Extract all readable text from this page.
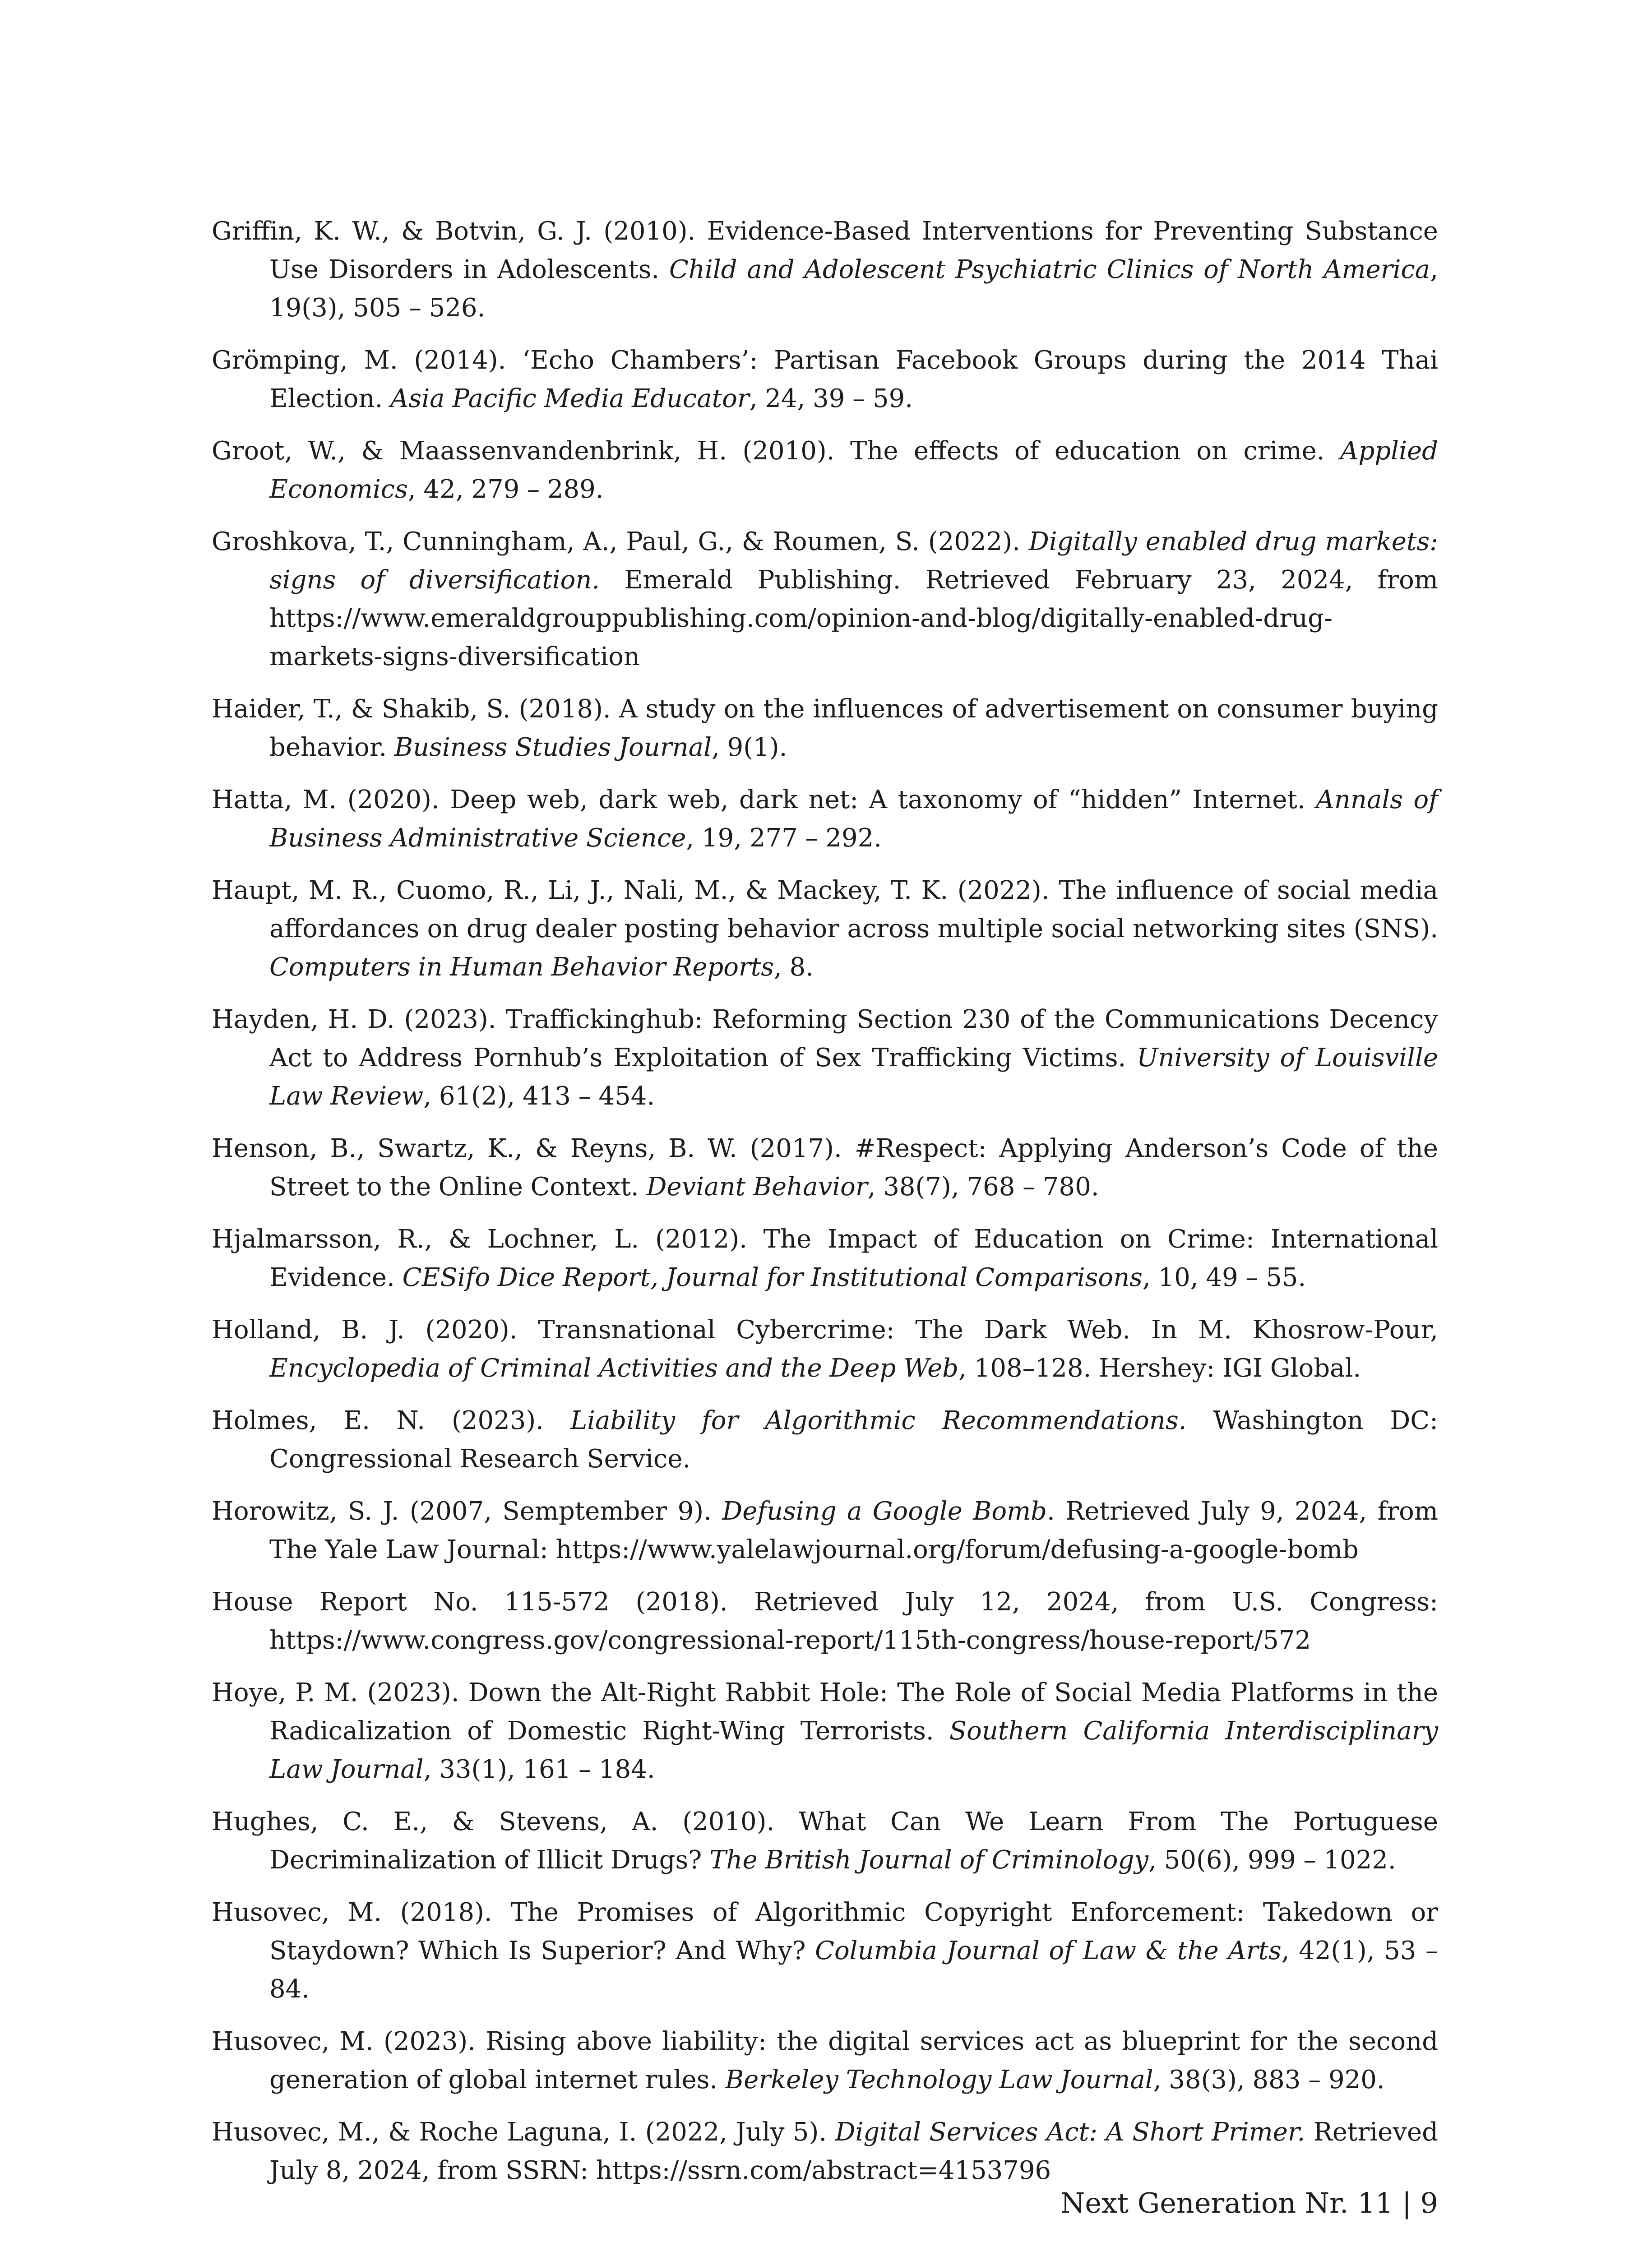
Griffin, K. W., & Botvin, G. J. (2010). Evidence-Based Interventions for Preventing Substance Use Disorders in Adolescents. Child and Adolescent Psychiatric Clinics of North America, 19(3), 505 – 526.
Grömping, M. (2014). ‘Echo Chambers’: Partisan Facebook Groups during the 2014 Thai Election. Asia Pacific Media Educator, 24, 39 – 59.
Groot, W., & Maassenvandenbrink, H. (2010). The effects of education on crime. Applied Economics, 42, 279 – 289.
Groshkova, T., Cunningham, A., Paul, G., & Roumen, S. (2022). Digitally enabled drug markets: signs of diversification. Emerald Publishing. Retrieved February 23, 2024, from https://www.emeraldgrouppublishing.com/opinion-and-blog/digitally-enabled-drug-markets-signs-diversification
Haider, T., & Shakib, S. (2018). A study on the influences of advertisement on consumer buying behavior. Business Studies Journal, 9(1).
Hatta, M. (2020). Deep web, dark web, dark net: A taxonomy of “hidden” Internet. Annals of Business Administrative Science, 19, 277 – 292.
Haupt, M. R., Cuomo, R., Li, J., Nali, M., & Mackey, T. K. (2022). The influence of social media affordances on drug dealer posting behavior across multiple social networking sites (SNS). Computers in Human Behavior Reports, 8.
Hayden, H. D. (2023). Traffickinghub: Reforming Section 230 of the Communications Decency Act to Address Pornhub’s Exploitation of Sex Trafficking Victims. University of Louisville Law Review, 61(2), 413 – 454.
Henson, B., Swartz, K., & Reyns, B. W. (2017). #Respect: Applying Anderson’s Code of the Street to the Online Context. Deviant Behavior, 38(7), 768 – 780.
Hjalmarsson, R., & Lochner, L. (2012). The Impact of Education on Crime: International Evidence. CESifo Dice Report, Journal for Institutional Comparisons, 10, 49 – 55.
Holland, B. J. (2020). Transnational Cybercrime: The Dark Web. In M. Khosrow-Pour, Encyclopedia of Criminal Activities and the Deep Web, 108–128. Hershey: IGI Global.
Holmes, E. N. (2023). Liability for Algorithmic Recommendations. Washington DC: Congressional Research Service.
Horowitz, S. J. (2007, Semptember 9). Defusing a Google Bomb. Retrieved July 9, 2024, from The Yale Law Journal: https://www.yalelawjournal.org/forum/defusing-a-google-bomb
House Report No. 115-572 (2018). Retrieved July 12, 2024, from U.S. Congress: https://www.congress.gov/congressional-report/115th-congress/house-report/572
Hoye, P. M. (2023). Down the Alt-Right Rabbit Hole: The Role of Social Media Platforms in the Radicalization of Domestic Right-Wing Terrorists. Southern California Interdisciplinary Law Journal, 33(1), 161 – 184.
Hughes, C. E., & Stevens, A. (2010). What Can We Learn From The Portuguese Decriminalization of Illicit Drugs? The British Journal of Criminology, 50(6), 999 – 1022.
Husovec, M. (2018). The Promises of Algorithmic Copyright Enforcement: Takedown or Staydown? Which Is Superior? And Why? Columbia Journal of Law & the Arts, 42(1), 53 – 84.
Husovec, M. (2023). Rising above liability: the digital services act as blueprint for the second generation of global internet rules. Berkeley Technology Law Journal, 38(3), 883 – 920.
Husovec, M., & Roche Laguna, I. (2022, July 5). Digital Services Act: A Short Primer. Retrieved July 8, 2024, from SSRN: https://ssrn.com/abstract=4153796
Next Generation Nr. 11 | 9
